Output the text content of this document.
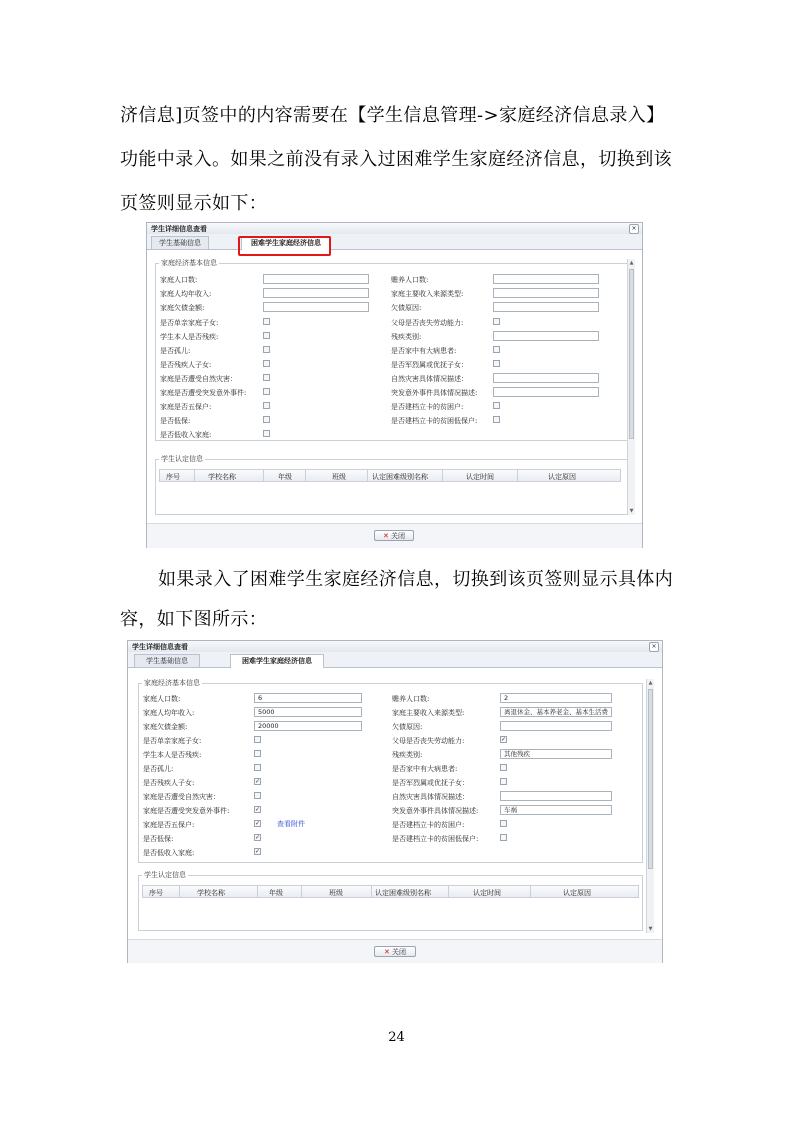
济信息]页签中的内容需要在【学生信息管理->家庭经济信息录入】
功能中录入。如果之前没有录入过困难学生家庭经济信息，切换到该
页签则显示如下：
学生详细信息查看	×
学生基础信息	困难学生家庭经济信息
家庭经济基本信息
家庭人口数:
家庭人均年收入:
家庭欠债金额:
是否单亲家庭子女:
学生本人是否残疾:
是否孤儿:
是否残疾人子女:
家庭是否遭受自然灾害：
家庭是否遭受突发意外事件:
家庭是否五保户:
是否低保:
是否低收入家庭:
赡养人口数:
家庭主要收入来源类型:
欠债原因:
父母是否丧失劳动能力:
残疾类别:
是否家中有大病患者:
是否军烈属或优抚子女：
自然灾害具体情况描述：
突发意外事件具体情况描述:
是否建档立卡的贫困户:
是否建档立卡的贫困低保户:
学生认定信息
序号	学校名称	年级	班级	认定困难级别名称	认定时间	认定原因
▲
▼
✕ 关闭
如果录入了困难学生家庭经济信息，切换到该页签则显示具体内
容，如下图所示：
学生详细信息查看	×
学生基础信息	困难学生家庭经济信息
家庭经济基本信息
家庭人口数:	6
家庭人均年收入:	5000
家庭欠债金额:	20000
是否单亲家庭子女:
学生本人是否残疾:
是否孤儿:
是否残疾人子女:	✓
家庭是否遭受自然灾害：
家庭是否遭受突发意外事件:	✓
家庭是否五保户:	✓ 查看附件
是否低保:	✓
是否低收入家庭:	✓
赡养人口数:	2
家庭主要收入来源类型:	离退休金、基本养老金、基本生活费
欠债原因:
父母是否丧失劳动能力:	✓
残疾类别:	其他残疾
是否家中有大病患者:
是否军烈属或优抚子女：
自然灾害具体情况描述：
突发意外事件具体情况描述:	车祸
是否建档立卡的贫困户:
是否建档立卡的贫困低保户:
学生认定信息
序号	学校名称	年级	班级	认定困难级别名称	认定时间	认定原因
▲
▼
✕ 关闭
24
